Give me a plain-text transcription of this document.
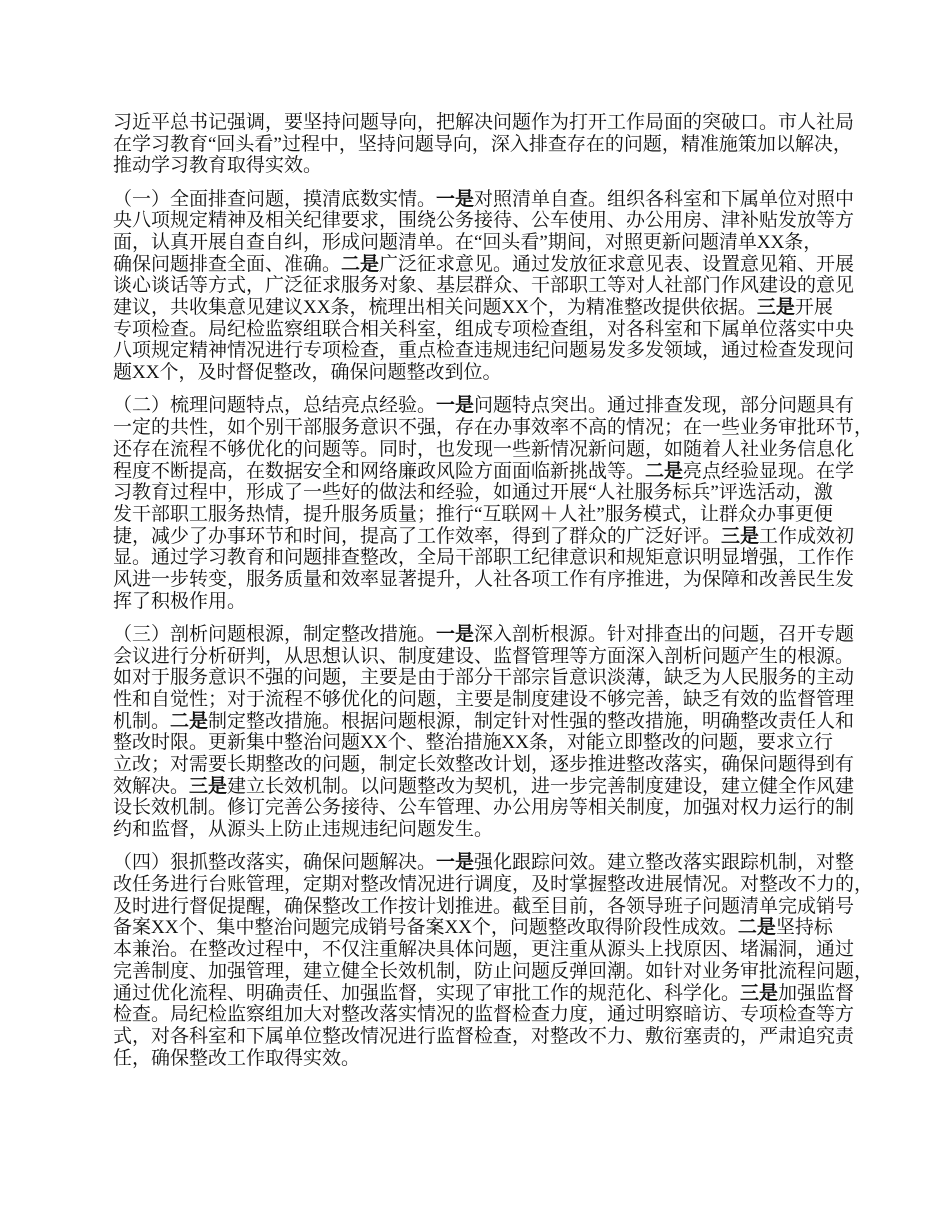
习近平总书记强调，要坚持问题导向，把解决问题作为打开工作局面的突破口。市人社局
在学习教育“回头看”过程中，坚持问题导向，深入排查存在的问题，精准施策加以解决，
推动学习教育取得实效。
（一）全面排查问题，摸清底数实情。一是对照清单自查。组织各科室和下属单位对照中
央八项规定精神及相关纪律要求，围绕公务接待、公车使用、办公用房、津补贴发放等方
面，认真开展自查自纠，形成问题清单。在“回头看”期间，对照更新问题清单XX条，
确保问题排查全面、准确。二是广泛征求意见。通过发放征求意见表、设置意见箱、开展
谈心谈话等方式，广泛征求服务对象、基层群众、干部职工等对人社部门作风建设的意见
建议，共收集意见建议XX条，梳理出相关问题XX个，为精准整改提供依据。三是开展
专项检查。局纪检监察组联合相关科室，组成专项检查组，对各科室和下属单位落实中央
八项规定精神情况进行专项检查，重点检查违规违纪问题易发多发领域，通过检查发现问
题XX个，及时督促整改，确保问题整改到位。
（二）梳理问题特点，总结亮点经验。一是问题特点突出。通过排查发现，部分问题具有
一定的共性，如个别干部服务意识不强，存在办事效率不高的情况；在一些业务审批环节，
还存在流程不够优化的问题等。同时，也发现一些新情况新问题，如随着人社业务信息化
程度不断提高，在数据安全和网络廉政风险方面面临新挑战等。二是亮点经验显现。在学
习教育过程中，形成了一些好的做法和经验，如通过开展“人社服务标兵”评选活动，激
发干部职工服务热情，提升服务质量；推行“互联网＋人社”服务模式，让群众办事更便
捷，减少了办事环节和时间，提高了工作效率，得到了群众的广泛好评。三是工作成效初
显。通过学习教育和问题排查整改，全局干部职工纪律意识和规矩意识明显增强，工作作
风进一步转变，服务质量和效率显著提升，人社各项工作有序推进，为保障和改善民生发
挥了积极作用。
（三）剖析问题根源，制定整改措施。一是深入剖析根源。针对排查出的问题，召开专题
会议进行分析研判，从思想认识、制度建设、监督管理等方面深入剖析问题产生的根源。
如对于服务意识不强的问题，主要是由于部分干部宗旨意识淡薄，缺乏为人民服务的主动
性和自觉性；对于流程不够优化的问题，主要是制度建设不够完善，缺乏有效的监督管理
机制。二是制定整改措施。根据问题根源，制定针对性强的整改措施，明确整改责任人和
整改时限。更新集中整治问题XX个、整治措施XX条，对能立即整改的问题，要求立行
立改；对需要长期整改的问题，制定长效整改计划，逐步推进整改落实，确保问题得到有
效解决。三是建立长效机制。以问题整改为契机，进一步完善制度建设，建立健全作风建
设长效机制。修订完善公务接待、公车管理、办公用房等相关制度，加强对权力运行的制
约和监督，从源头上防止违规违纪问题发生。
（四）狠抓整改落实，确保问题解决。一是强化跟踪问效。建立整改落实跟踪机制，对整
改任务进行台账管理，定期对整改情况进行调度，及时掌握整改进展情况。对整改不力的，
及时进行督促提醒，确保整改工作按计划推进。截至目前，各领导班子问题清单完成销号
备案XX个、集中整治问题完成销号备案XX个，问题整改取得阶段性成效。二是坚持标
本兼治。在整改过程中，不仅注重解决具体问题，更注重从源头上找原因、堵漏洞，通过
完善制度、加强管理，建立健全长效机制，防止问题反弹回潮。如针对业务审批流程问题，
通过优化流程、明确责任、加强监督，实现了审批工作的规范化、科学化。三是加强监督
检查。局纪检监察组加大对整改落实情况的监督检查力度，通过明察暗访、专项检查等方
式，对各科室和下属单位整改情况进行监督检查，对整改不力、敷衍塞责的，严肃追究责
任，确保整改工作取得实效。
